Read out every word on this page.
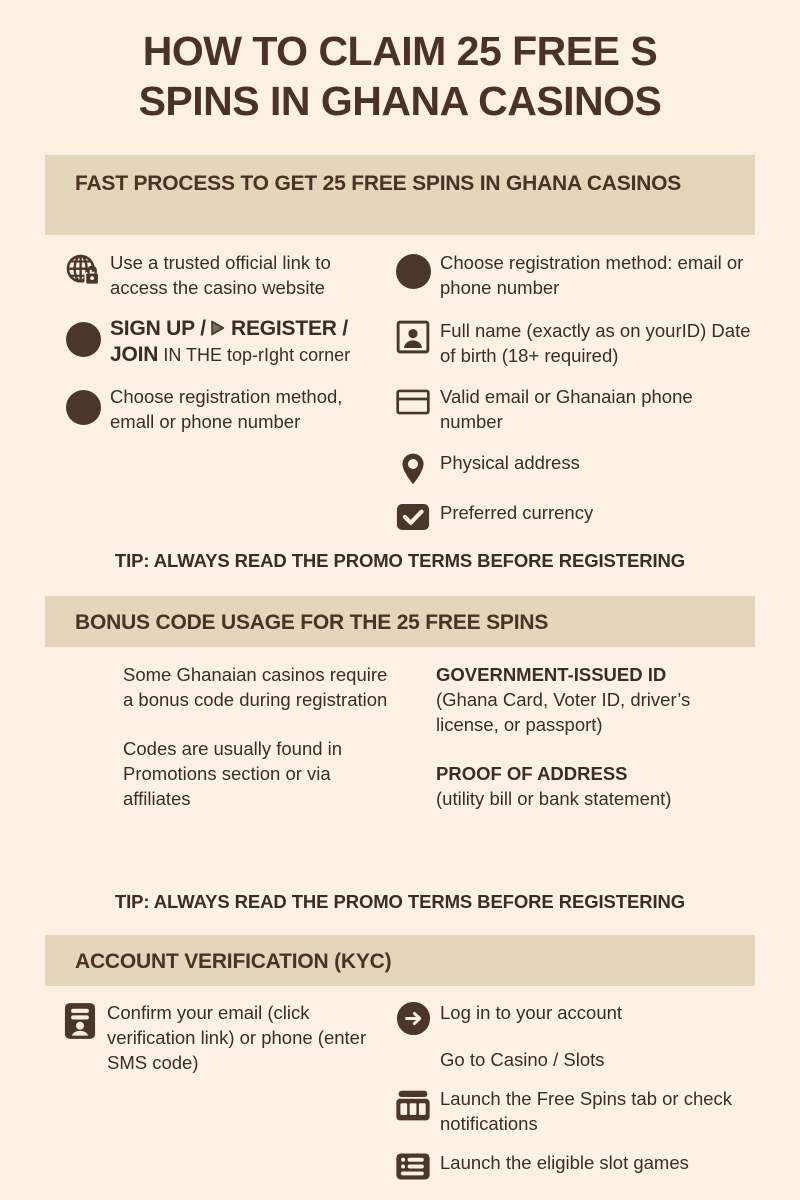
HOW TO CLAIM 25 FREE S
SPINS IN GHANA CASINOS

FAST PROCESS TO GET 25 FREE SPINS IN GHANA CASINOS

Use a trusted official link to access the casino website
SIGN UP / REGISTER / JOIN IN THE top-rIght corner
Choose registration method, emall or phone number
Choose registration method: email or phone number
Full name (exactly as on yourID) Date of birth (18+ required)
Valid email or Ghanaian phone number
Physical address
Preferred currency
TIP: ALWAYS READ THE PROMO TERMS BEFORE REGISTERING

BONUS CODE USAGE FOR THE 25 FREE SPINS

Some Ghanaian casinos require a bonus code during registration

Codes are usually found in Promotions section or via affiliates

GOVERNMENT-ISSUED ID
(Ghana Card, Voter ID, driver’s license, or passport)

PROOF OF ADDRESS
(utility bill or bank statement)

TIP: ALWAYS READ THE PROMO TERMS BEFORE REGISTERING

ACCOUNT VERIFICATION (KYC)

Confirm your email (click verification link) or phone (enter SMS code)
Log in to your account
Go to Casino / Slots
Launch the Free Spins tab or check notifications
Launch the eligible slot games
